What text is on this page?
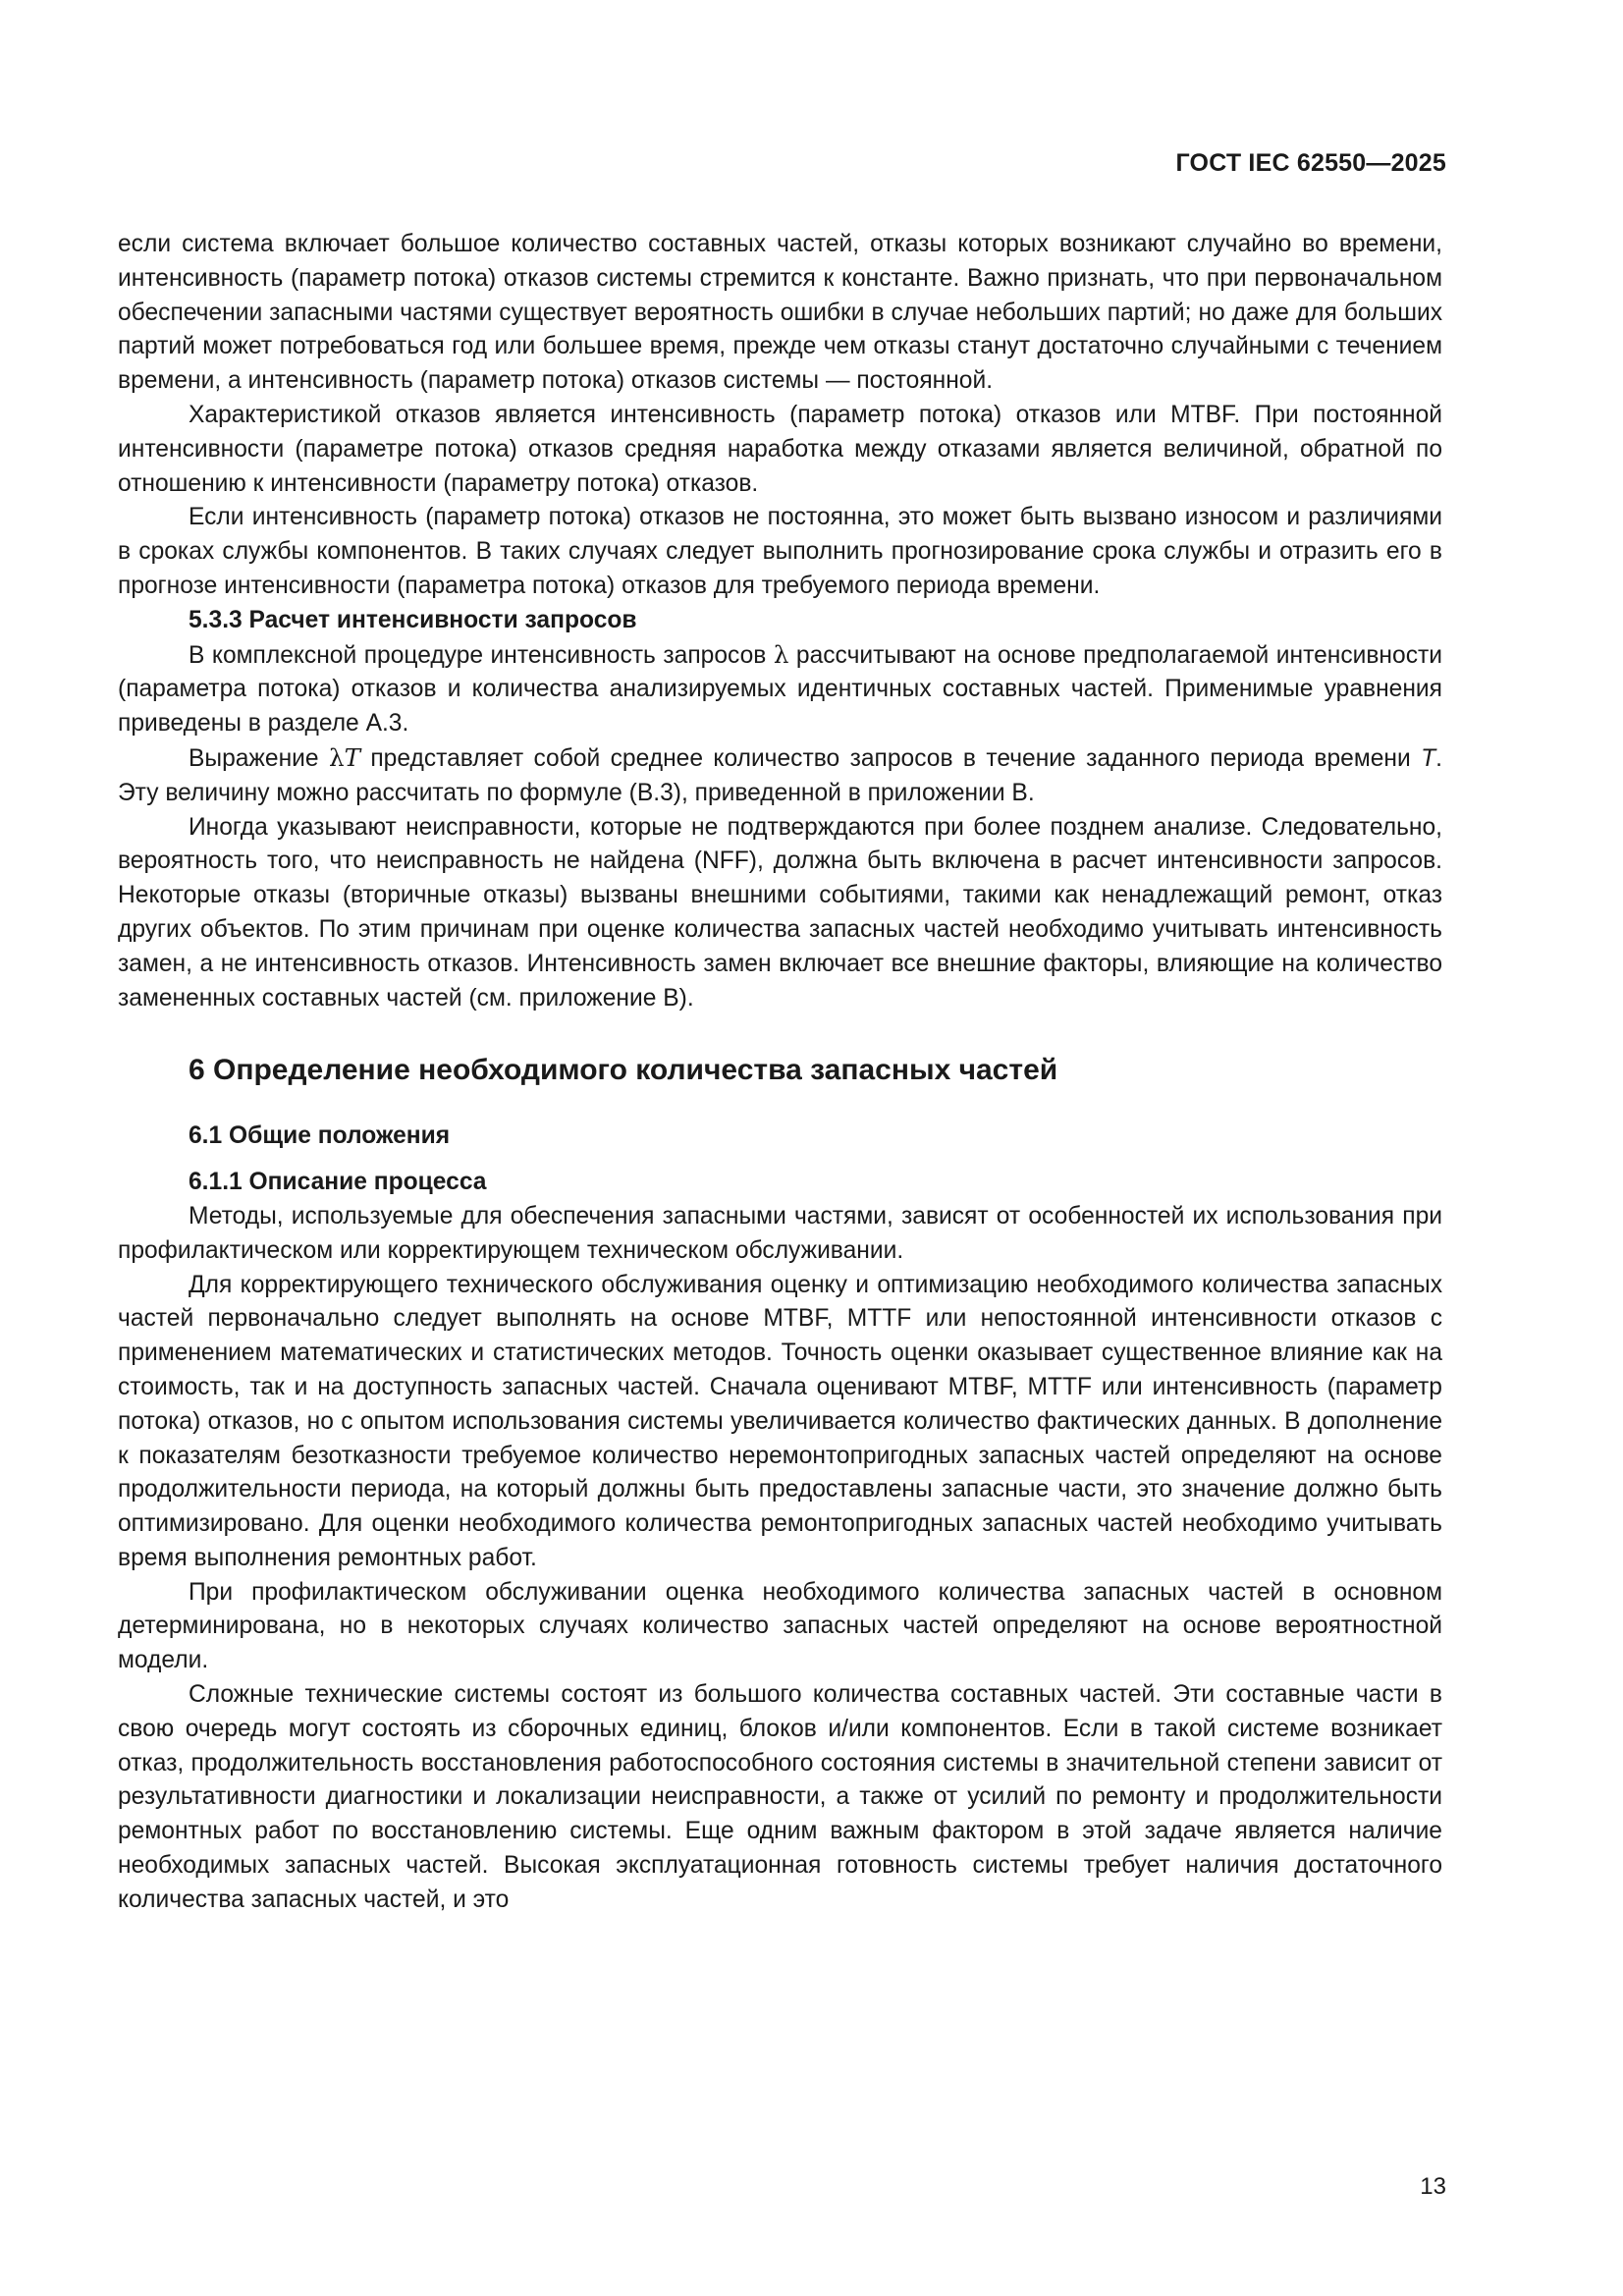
ГОСТ IEC 62550—2025

если система включает большое количество составных частей, отказы которых возникают случайно во времени, интенсивность (параметр потока) отказов системы стремится к константе. Важно признать, что при первоначальном обеспечении запасными частями существует вероятность ошибки в случае небольших партий; но даже для больших партий может потребоваться год или большее время, прежде чем отказы станут достаточно случайными с течением времени, а интенсивность (параметр потока) отказов системы — постоянной.

Характеристикой отказов является интенсивность (параметр потока) отказов или MTBF. При постоянной интенсивности (параметре потока) отказов средняя наработка между отказами является величиной, обратной по отношению к интенсивности (параметру потока) отказов.

Если интенсивность (параметр потока) отказов не постоянна, это может быть вызвано износом и различиями в сроках службы компонентов. В таких случаях следует выполнить прогнозирование срока службы и отразить его в прогнозе интенсивности (параметра потока) отказов для требуемого периода времени.

5.3.3 Расчет интенсивности запросов

В комплексной процедуре интенсивность запросов λ рассчитывают на основе предполагаемой интенсивности (параметра потока) отказов и количества анализируемых идентичных составных частей. Применимые уравнения приведены в разделе А.3.

Выражение λT представляет собой среднее количество запросов в течение заданного периода времени T. Эту величину можно рассчитать по формуле (В.3), приведенной в приложении В.

Иногда указывают неисправности, которые не подтверждаются при более позднем анализе. Следовательно, вероятность того, что неисправность не найдена (NFF), должна быть включена в расчет интенсивности запросов. Некоторые отказы (вторичные отказы) вызваны внешними событиями, такими как ненадлежащий ремонт, отказ других объектов. По этим причинам при оценке количества запасных частей необходимо учитывать интенсивность замен, а не интенсивность отказов. Интенсивность замен включает все внешние факторы, влияющие на количество замененных составных частей (см. приложение В).

6 Определение необходимого количества запасных частей
6.1 Общие положения
6.1.1 Описание процесса

Методы, используемые для обеспечения запасными частями, зависят от особенностей их использования при профилактическом или корректирующем техническом обслуживании.

Для корректирующего технического обслуживания оценку и оптимизацию необходимого количества запасных частей первоначально следует выполнять на основе MTBF, MTTF или непостоянной интенсивности отказов с применением математических и статистических методов. Точность оценки оказывает существенное влияние как на стоимость, так и на доступность запасных частей. Сначала оценивают MTBF, MTTF или интенсивность (параметр потока) отказов, но с опытом использования системы увеличивается количество фактических данных. В дополнение к показателям безотказности требуемое количество неремонтопригодных запасных частей определяют на основе продолжительности периода, на который должны быть предоставлены запасные части, это значение должно быть оптимизировано. Для оценки необходимого количества ремонтопригодных запасных частей необходимо учитывать время выполнения ремонтных работ.

При профилактическом обслуживании оценка необходимого количества запасных частей в основном детерминирована, но в некоторых случаях количество запасных частей определяют на основе вероятностной модели.

Сложные технические системы состоят из большого количества составных частей. Эти составные части в свою очередь могут состоять из сборочных единиц, блоков и/или компонентов. Если в такой системе возникает отказ, продолжительность восстановления работоспособного состояния системы в значительной степени зависит от результативности диагностики и локализации неисправности, а также от усилий по ремонту и продолжительности ремонтных работ по восстановлению системы. Еще одним важным фактором в этой задаче является наличие необходимых запасных частей. Высокая эксплуатационная готовность системы требует наличия достаточного количества запасных частей, и это

13
